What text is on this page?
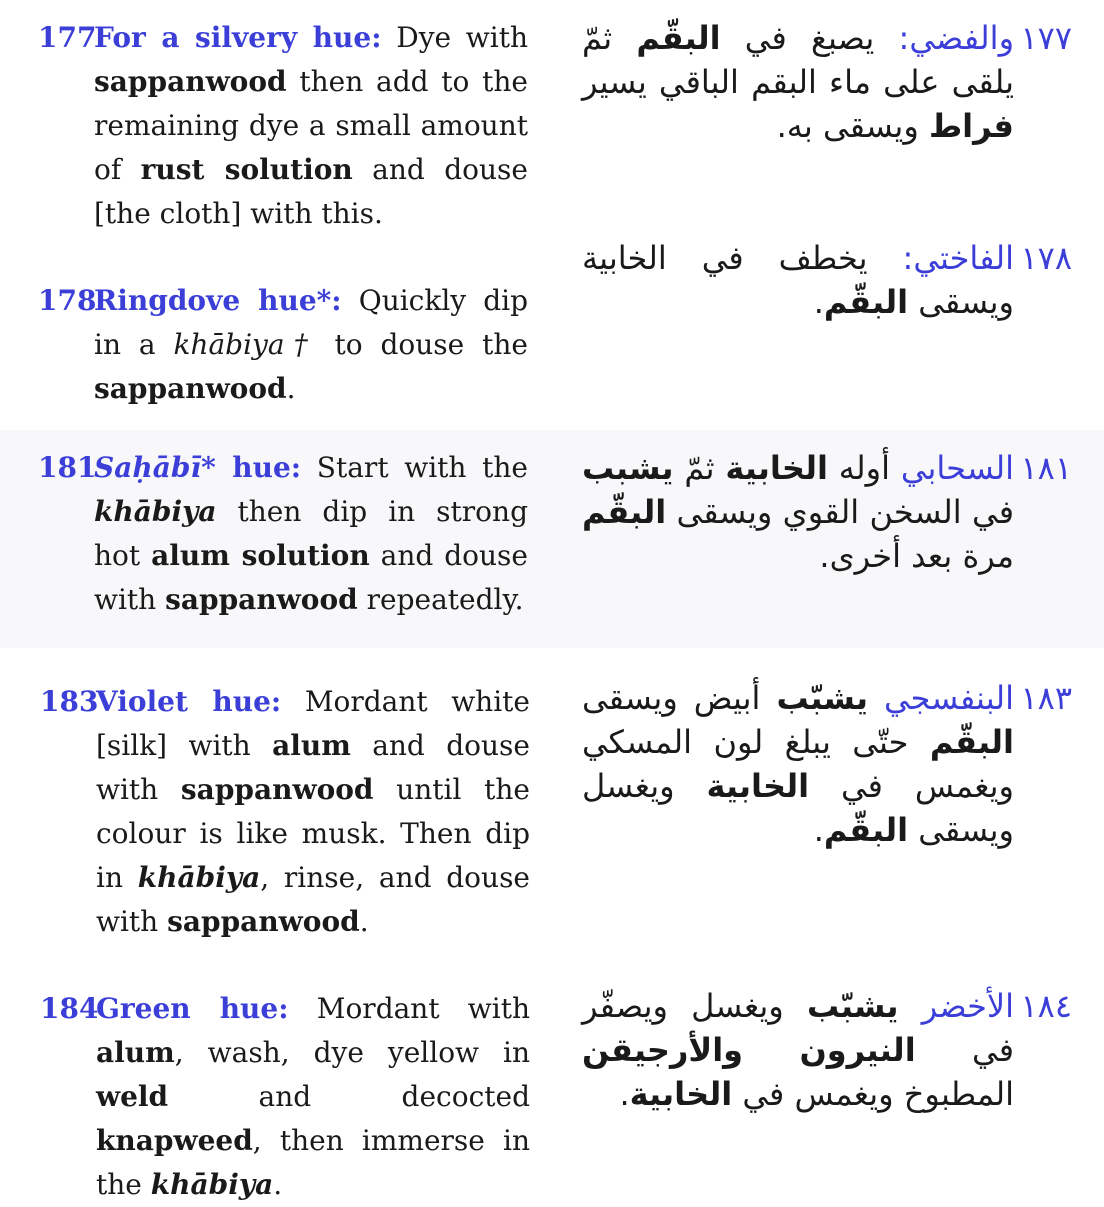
177
For a silvery hue: Dye with sappanwood then add to the remaining dye a small amount of rust solution and douse [the cloth] with this.
١٧٧
والفضي: يصبغ في البقّم ثمّ يلقى على ماء البقم الباقي يسير فراط ويسقى به.
178
Ringdove hue*: Quickly dip in a khābiya† to douse the sappanwood.
١٧٨
الفاختي: يخطف في الخابية ويسقى البقّم.
181
Saḥābī* hue: Start with the khābiya then dip in strong hot alum solution and douse with sappanwood repeatedly.
١٨١
السحابي أوله الخابية ثمّ يشبب في السخن القوي ويسقى البقّم مرة بعد أخرى.
183
Violet hue: Mordant white [silk] with alum and douse with sappanwood until the colour is like musk. Then dip in khābiya, rinse, and douse with sappanwood.
١٨٣
البنفسجي يشبّب أبيض ويسقى البقّم حتّى يبلغ لون المسكي ويغمس في الخابية ويغسل ويسقى البقّم.
184
Green hue: Mordant with alum, wash, dye yellow in weld and decocted knapweed, then immerse in the khābiya.
١٨٤
الأخضر يشبّب ويغسل ويصفّر في النيرون والأرجيقن المطبوخ ويغمس في الخابية.
